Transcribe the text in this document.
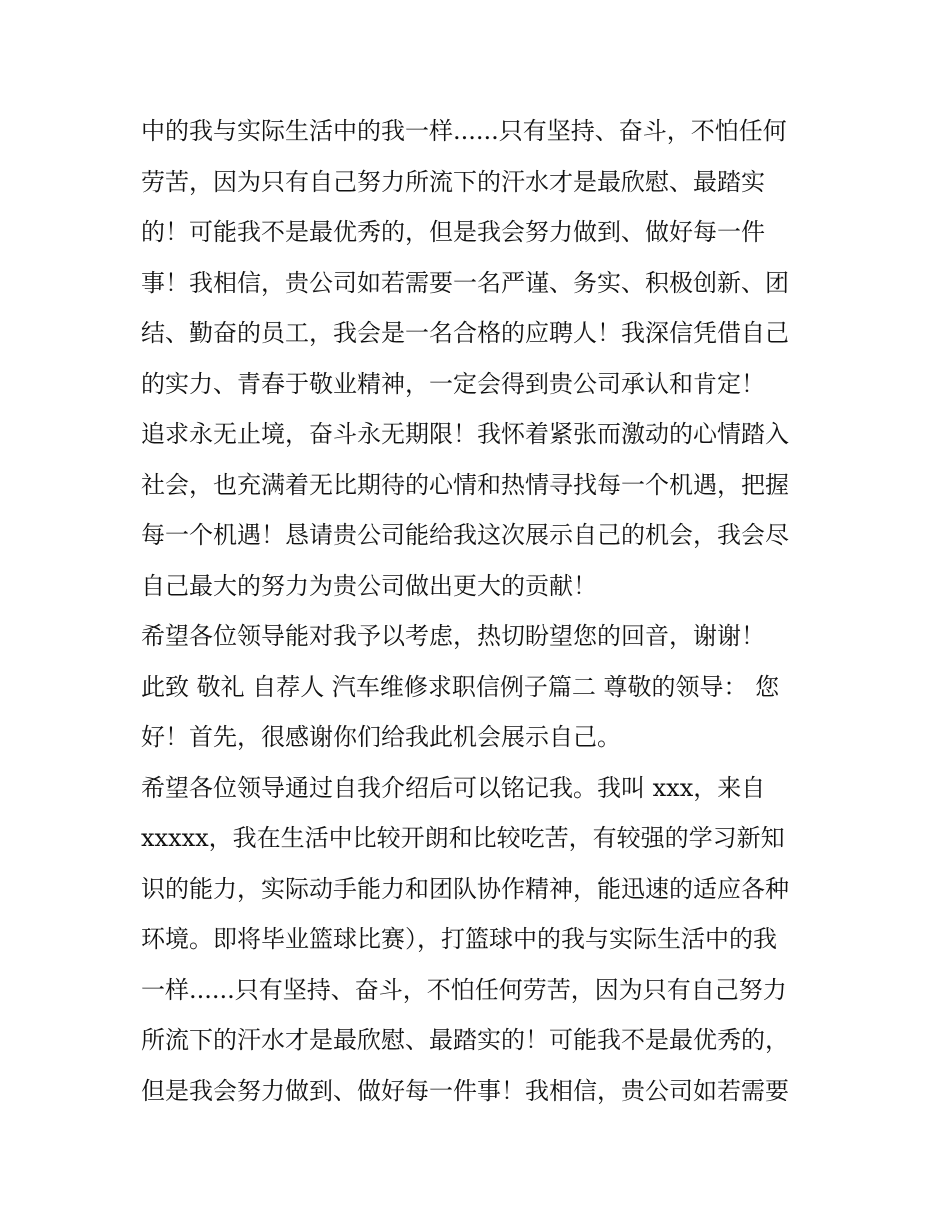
中的我与实际生活中的我一样......只有坚持、奋斗，不怕任何
劳苦，因为只有自己努力所流下的汗水才是最欣慰、最踏实
的！可能我不是最优秀的，但是我会努力做到、做好每一件
事！我相信，贵公司如若需要一名严谨、务实、积极创新、团
结、勤奋的员工，我会是一名合格的应聘人！我深信凭借自己
的实力、青春于敬业精神，一定会得到贵公司承认和肯定！
追求永无止境，奋斗永无期限！我怀着紧张而激动的心情踏入
社会，也充满着无比期待的心情和热情寻找每一个机遇，把握
每一个机遇！恳请贵公司能给我这次展示自己的机会，我会尽
自己最大的努力为贵公司做出更大的贡献！
希望各位领导能对我予以考虑，热切盼望您的回音，谢谢！
此致 敬礼 自荐人 汽车维修求职信例子篇二 尊敬的领导： 您
好！首先，很感谢你们给我此机会展示自己。
希望各位领导通过自我介绍后可以铭记我。我叫 xxx，来自
xxxxx，我在生活中比较开朗和比较吃苦，有较强的学习新知
识的能力，实际动手能力和团队协作精神，能迅速的适应各种
环境。即将毕业篮球比赛），打篮球中的我与实际生活中的我
一样......只有坚持、奋斗，不怕任何劳苦，因为只有自己努力
所流下的汗水才是最欣慰、最踏实的！可能我不是最优秀的，
但是我会努力做到、做好每一件事！我相信，贵公司如若需要
